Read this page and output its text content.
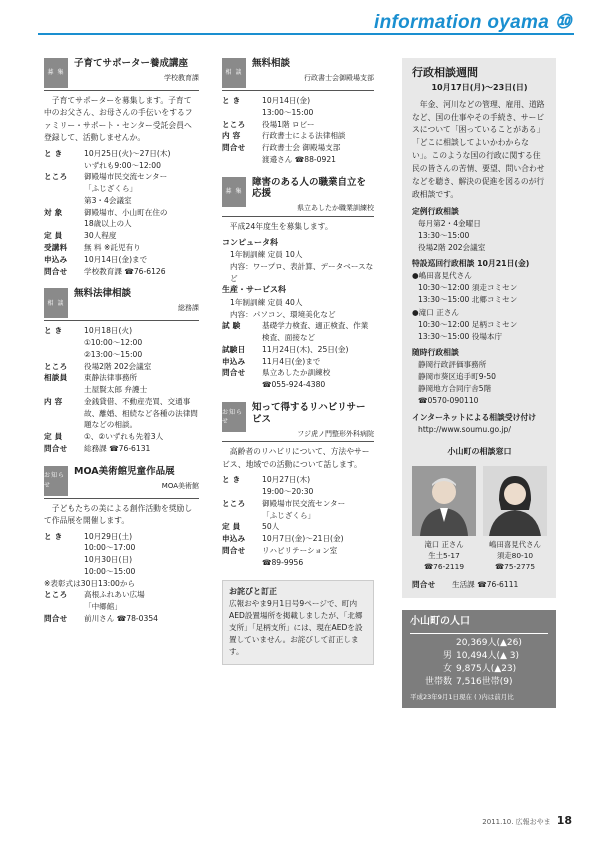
information oyama ⑩
募 集
子育てサポーター養成講座
学校教育課
子育てサポーターを募集します。子育て中のお父さん、お母さんの手伝いをするファミリー・サポート・センター受託会員へ登録して、活動しませんか。
と き	10月25日(火)～27日(木)
いずれも9:00～12:00
ところ	御殿場市民交流センター
「ふじざくら」
第3・4会議室
対 象	御殿場市、小山町在住の
18歳以上の人
定 員	30人程度
受講料	無 料 ※託児有り
申込み	10月14日(金)まで
問合せ	学校教育課 ☎76-6126
相 談
無料法律相談
総務課
と き	10月18日(火)
①10:00～12:00
②13:00～15:00
ところ	役場2階 202会議室
相談員	東静法律事務所
土屋賢太郎 弁護士
内 容	金銭貸借、不動産売買、交通事故、離婚、相続など各種の法律問題などの相談。
定 員	①、②いずれも先着3人
問合せ	総務課 ☎76-6131
お知らせ
MOA美術館児童作品展
MOA美術館
子どもたちの美による創作活動を奨励して作品展を開催します。
と き	10月29日(土)
10:00～17:00
10月30日(日)
10:00～15:00
※表彰式は30日13:00から
ところ	高根ふれあい広場
「中郷館」
問合せ	前川さん ☎78-0354
相 談
無料相談
行政書士会御殿場支部
と き	10月14日(金)
13:00～15:00
ところ	役場1階 ロビー
内 容	行政書士による法律相談
問合せ	行政書士会 御殿場支部
渡邉さん ☎88-0921
募 集
障害のある人の職業自立を応援
県立あしたか職業訓練校
平成24年度生を募集します。
コンピュータ科
1年制訓練 定員 10人
内容：ワープロ、表計算、データベースなど
生産・サービス科
1年制訓練 定員 40人
内容：パソコン、環境美化など
試 験	基礎学力検査、適正検査、作業検査、面接など
試験日	11月24日(木)、25日(金)
申込み	11月4日(金)まで
問合せ	県立あしたか訓練校
☎055-924-4380
お知らせ
知って得するリハビリサービス
フジ虎ノ門整形外科病院
高齢者のリハビリについて、方法やサービス、地域での活動について話します。
と き	10月27日(木)
19:00～20:30
ところ	御殿場市民交流センター
「ふじざくら」
定 員	50人
申込み	10月7日(金)～21日(金)
問合せ	リハビリテーション室
☎89-9956
お詫びと訂正
広報おやま9月1日号9ページで、町内AED設置場所を掲載しましたが、「北郷支所」「足柄支所」には、現在AEDを設置していません。お詫びして訂正します。
行政相談週間
10月17日(月)～23日(日)
年金、河川などの管理、雇用、道路など、国の仕事やその手続き、サービスについて「困っていることがある」「どこに相談してよいかわからない」。このような国の行政に関する住民の皆さんの苦情、要望、問い合わせなどを聴き、解決の促進を図るのが行政相談です。
定例行政相談
毎月第2・4金曜日
13:30～15:00
役場2階 202会議室
特設巡回行政相談 10月21日(金)
●嶋田喜見代さん
10:30～12:00 須走コミセン
13:30～15:00 北郷コミセン
●滝口 正さん
10:30～12:00 足柄コミセン
13:30～15:00 役場本庁
随時行政相談
静岡行政評価事務所
静岡市葵区追手町9-50
静岡地方合同庁舎5階
☎0570-090110
インターネットによる相談受け付け
http://www.soumu.go.jp/
小山町の相談窓口
滝口 正さん
生土5-17
☎76-2119
嶋田喜見代さん
須走80-10
☎75-2775
問合せ	生活課 ☎76-6111
小山町の人口
20,369人(▲26)
男 10,494人(▲ 3)
女 9,875人(▲23)
世帯数 7,516世帯(9)
平成23年9月1日現在 ( )内は前月比
2011.10. 広報おやま 18
